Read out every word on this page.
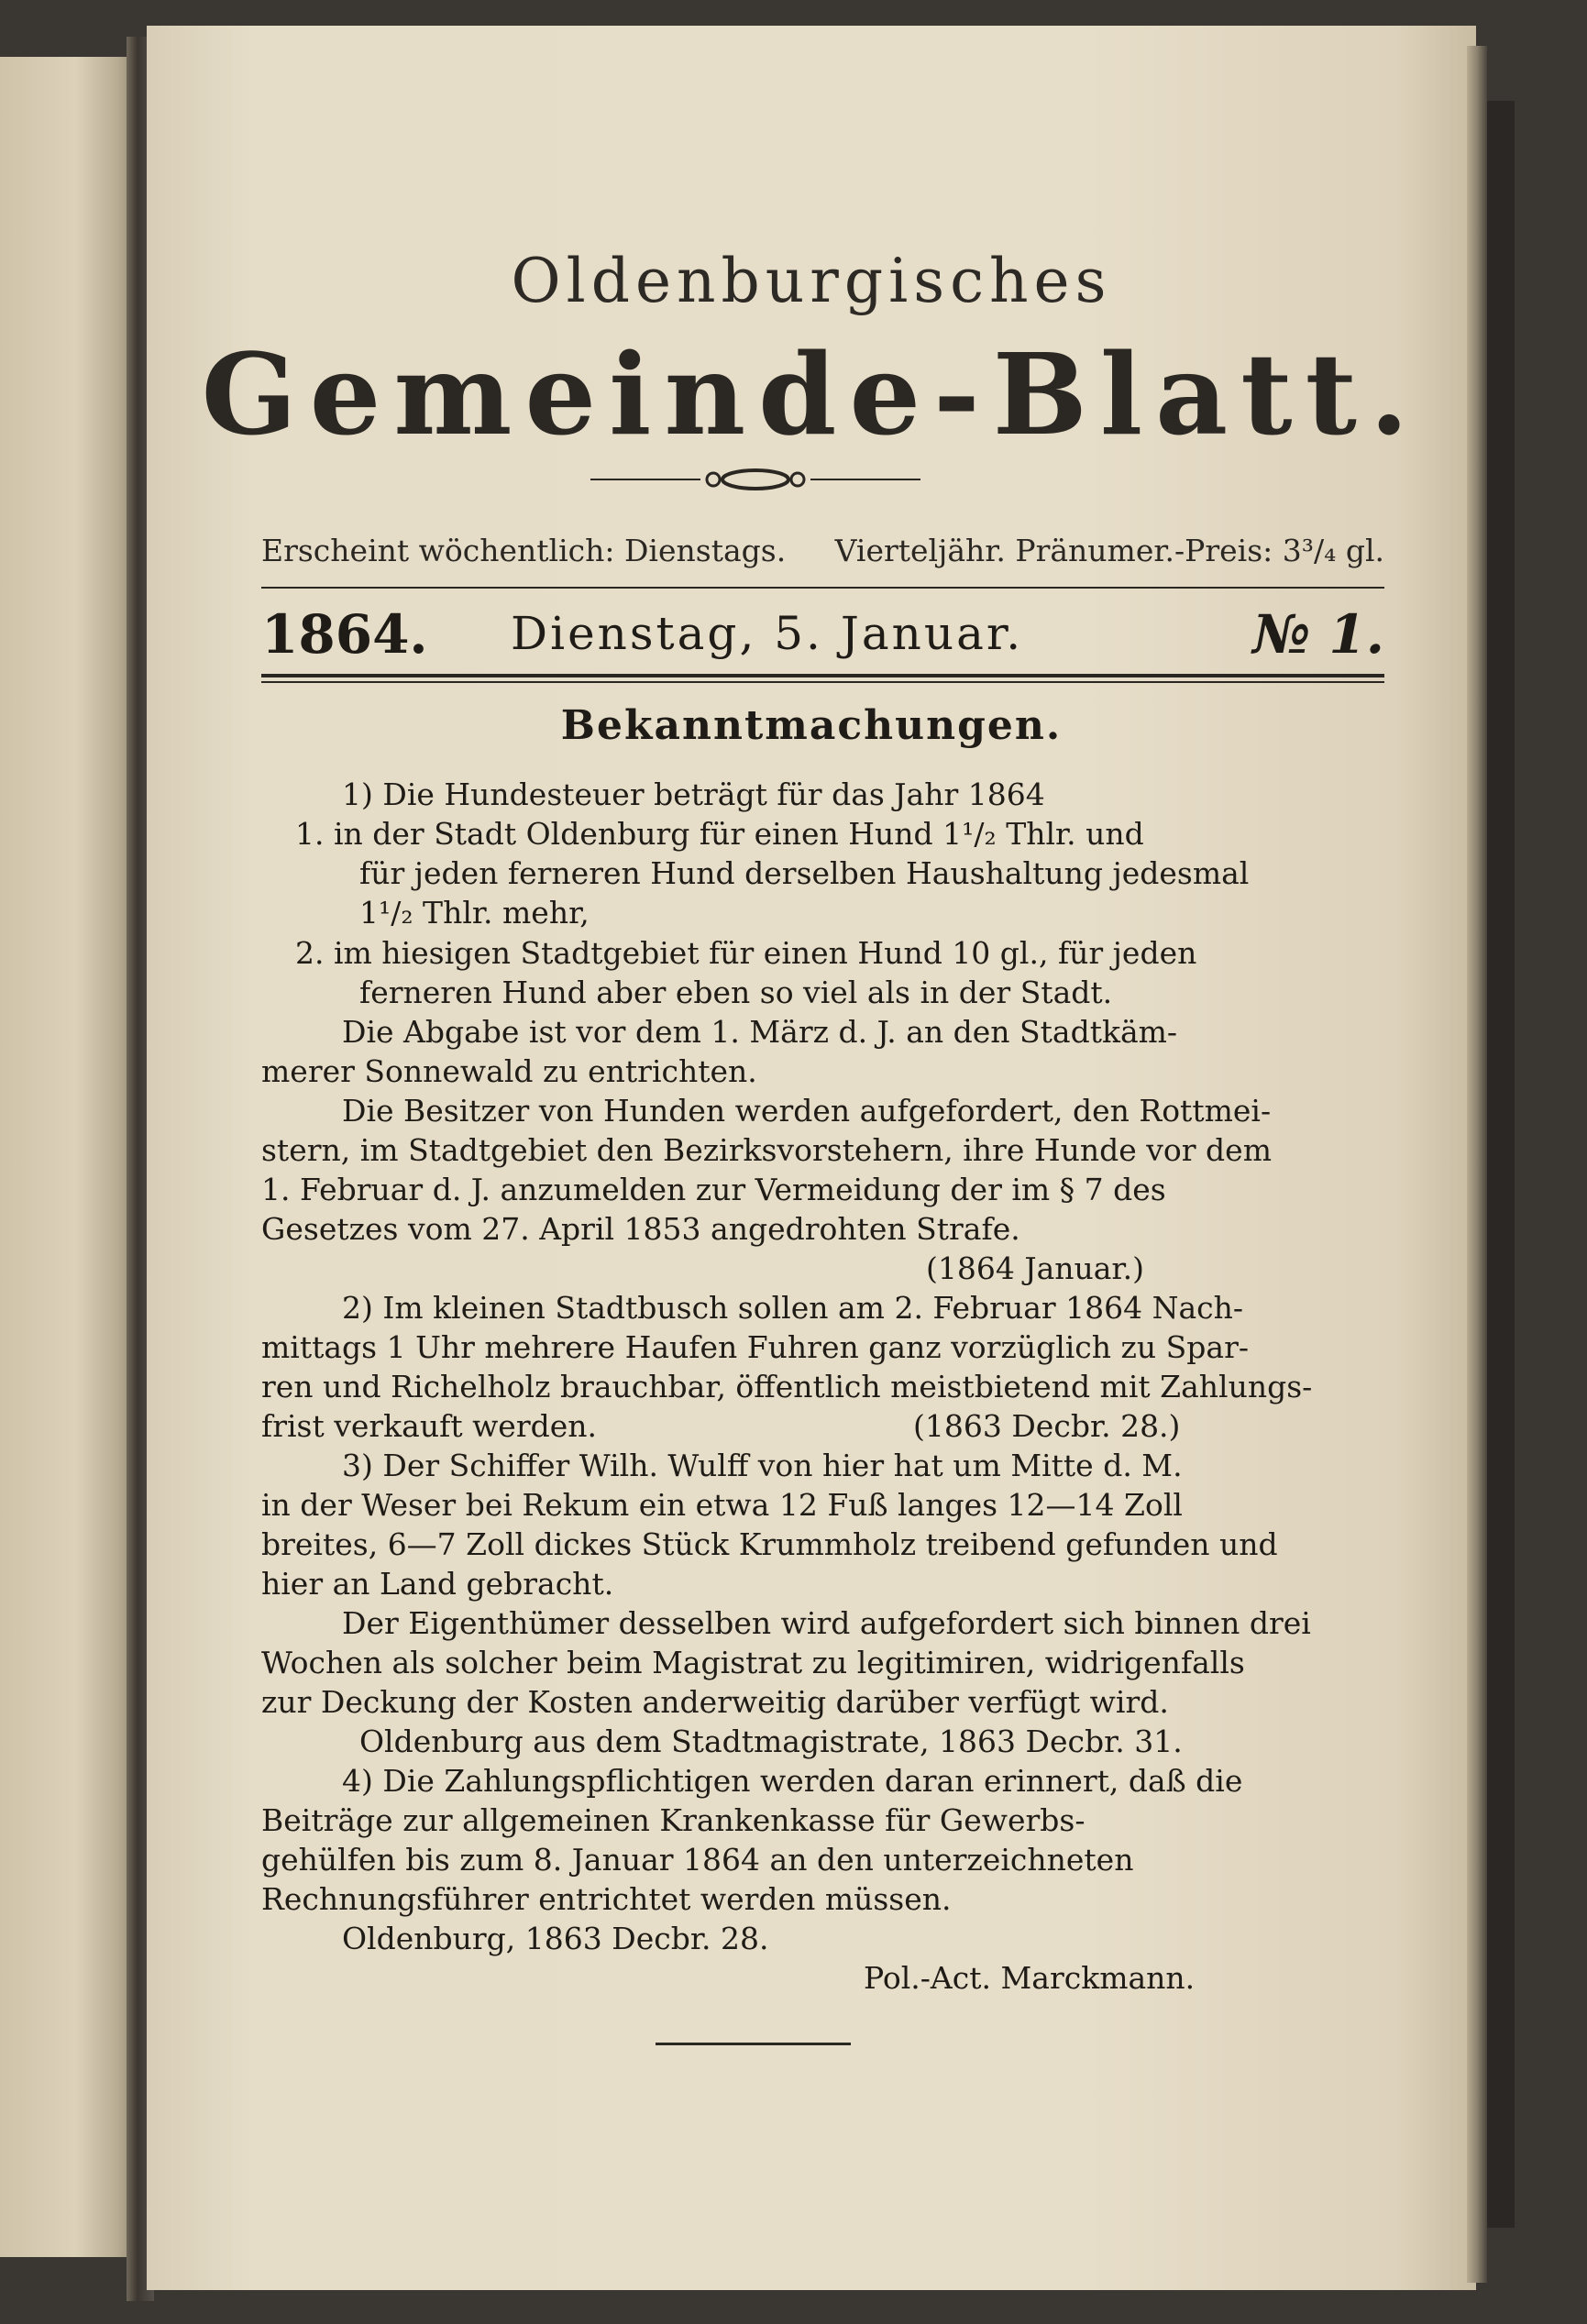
Oldenburgisches
Gemeinde-Blatt.
Erscheint wöchentlich: Dienstags. Vierteljähr. Pränumer.-Preis: 3³/₄ gl.
1864. Dienstag, 5. Januar.	№ 1.
Bekanntmachungen.
1) Die Hundesteuer beträgt für das Jahr 1864
1. in der Stadt Oldenburg für einen Hund 1¹/₂ Thlr. und
für jeden ferneren Hund derselben Haushaltung jedesmal
1¹/₂ Thlr. mehr,
2. im hiesigen Stadtgebiet für einen Hund 10 gl., für jeden
ferneren Hund aber eben so viel als in der Stadt.
Die Abgabe ist vor dem 1. März d. J. an den Stadtkäm-
merer Sonnewald zu entrichten.
Die Besitzer von Hunden werden aufgefordert, den Rottmei-
stern, im Stadtgebiet den Bezirksvorstehern, ihre Hunde vor dem
1. Februar d. J. anzumelden zur Vermeidung der im § 7 des
Gesetzes vom 27. April 1853 angedrohten Strafe.
(1864 Januar.)
2) Im kleinen Stadtbusch sollen am 2. Februar 1864 Nach-
mittags 1 Uhr mehrere Haufen Fuhren ganz vorzüglich zu Spar-
ren und Richelholz brauchbar, öffentlich meistbietend mit Zahlungs-
frist verkauft werden.	(1863 Decbr. 28.)
3) Der Schiffer Wilh. Wulff von hier hat um Mitte d. M.
in der Weser bei Rekum ein etwa 12 Fuß langes 12—14 Zoll
breites, 6—7 Zoll dickes Stück Krummholz treibend gefunden und
hier an Land gebracht.
Der Eigenthümer desselben wird aufgefordert sich binnen drei
Wochen als solcher beim Magistrat zu legitimiren, widrigenfalls
zur Deckung der Kosten anderweitig darüber verfügt wird.
Oldenburg aus dem Stadtmagistrate, 1863 Decbr. 31.
4) Die Zahlungspflichtigen werden daran erinnert, daß die
Beiträge zur allgemeinen Krankenkasse für Gewerbs-
gehülfen bis zum 8. Januar 1864 an den unterzeichneten
Rechnungsführer entrichtet werden müssen.
Oldenburg, 1863 Decbr. 28.
Pol.-Act. Marckmann.
